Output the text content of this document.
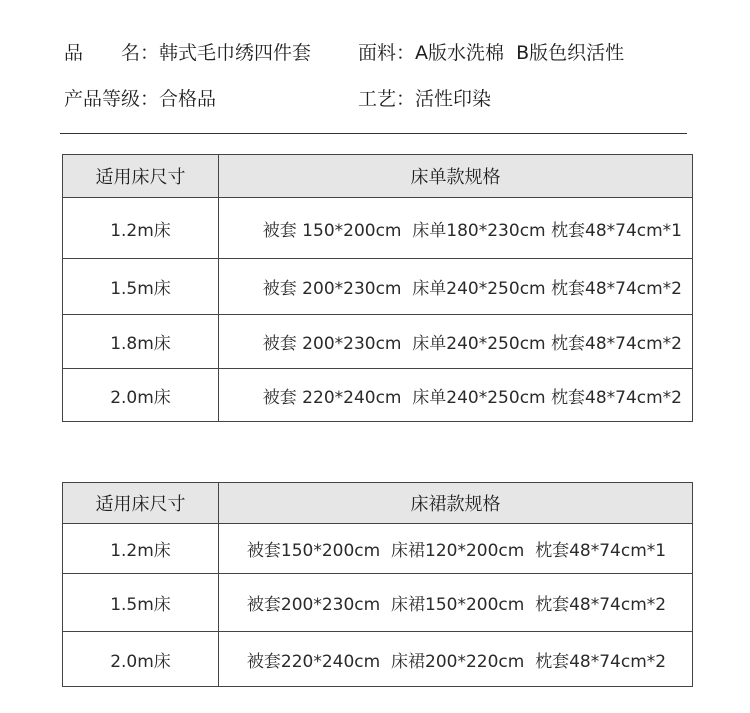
品　　名：韩式毛巾绣四件套 面料：A版水洗棉  B版色织活性
产品等级：合格品	工艺：活性印染
适用床尺寸	床单款规格
1.2m床	被套 150*200cm  床单180*230cm 枕套48*74cm*1
1.5m床	被套 200*230cm  床单240*250cm 枕套48*74cm*2
1.8m床	被套 200*230cm  床单240*250cm 枕套48*74cm*2
2.0m床	被套 220*240cm  床单240*250cm 枕套48*74cm*2
适用床尺寸	床裙款规格
1.2m床	被套150*200cm  床裙120*200cm  枕套48*74cm*1
1.5m床	被套200*230cm  床裙150*200cm  枕套48*74cm*2
2.0m床	被套220*240cm  床裙200*220cm  枕套48*74cm*2
